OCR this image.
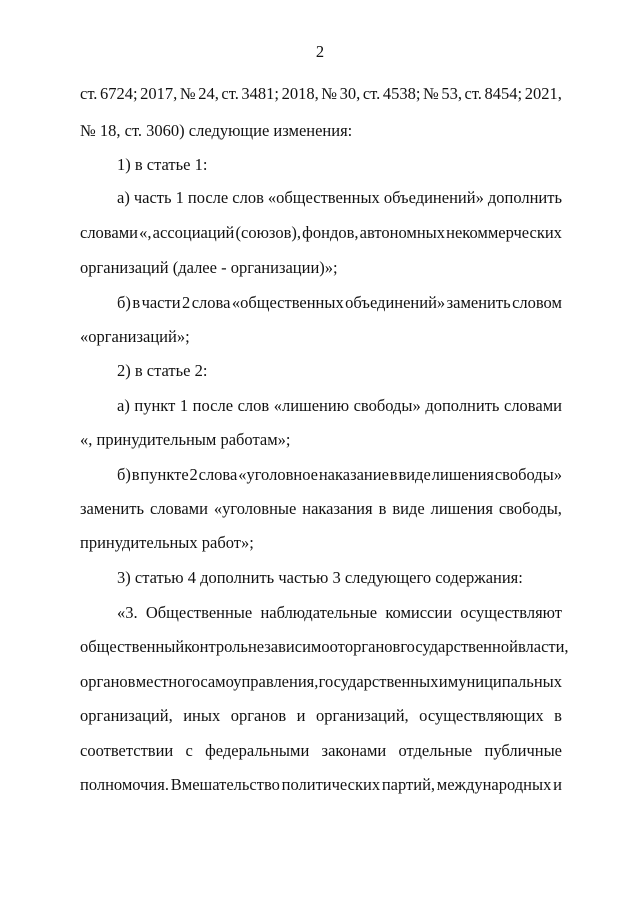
2
ст. 6724; 2017, № 24, ст. 3481; 2018, № 30, ст. 4538; № 53, ст. 8454; 2021,
№ 18, ст. 3060) следующие изменения:
1) в статье 1:
а) часть 1 после слов «общественных объединений» дополнить
словами «, ассоциаций (союзов), фондов, автономных некоммерческих
организаций (далее - организации)»;
б) в части 2 слова «общественных объединений» заменить словом
«организаций»;
2) в статье 2:
а) пункт 1 после слов «лишению свободы» дополнить словами
«, принудительным работам»;
б) в пункте 2 слова «уголовное наказание в виде лишения свободы»
заменить словами «уголовные наказания в виде лишения свободы,
принудительных работ»;
3) статью 4 дополнить частью 3 следующего содержания:
«3. Общественные наблюдательные комиссии осуществляют
общественный контроль независимо от органов государственной власти,
органов местного самоуправления, государственных и муниципальных
организаций, иных органов и организаций, осуществляющих в
соответствии с федеральными законами отдельные публичные
полномочия. Вмешательство политических партий, международных и
